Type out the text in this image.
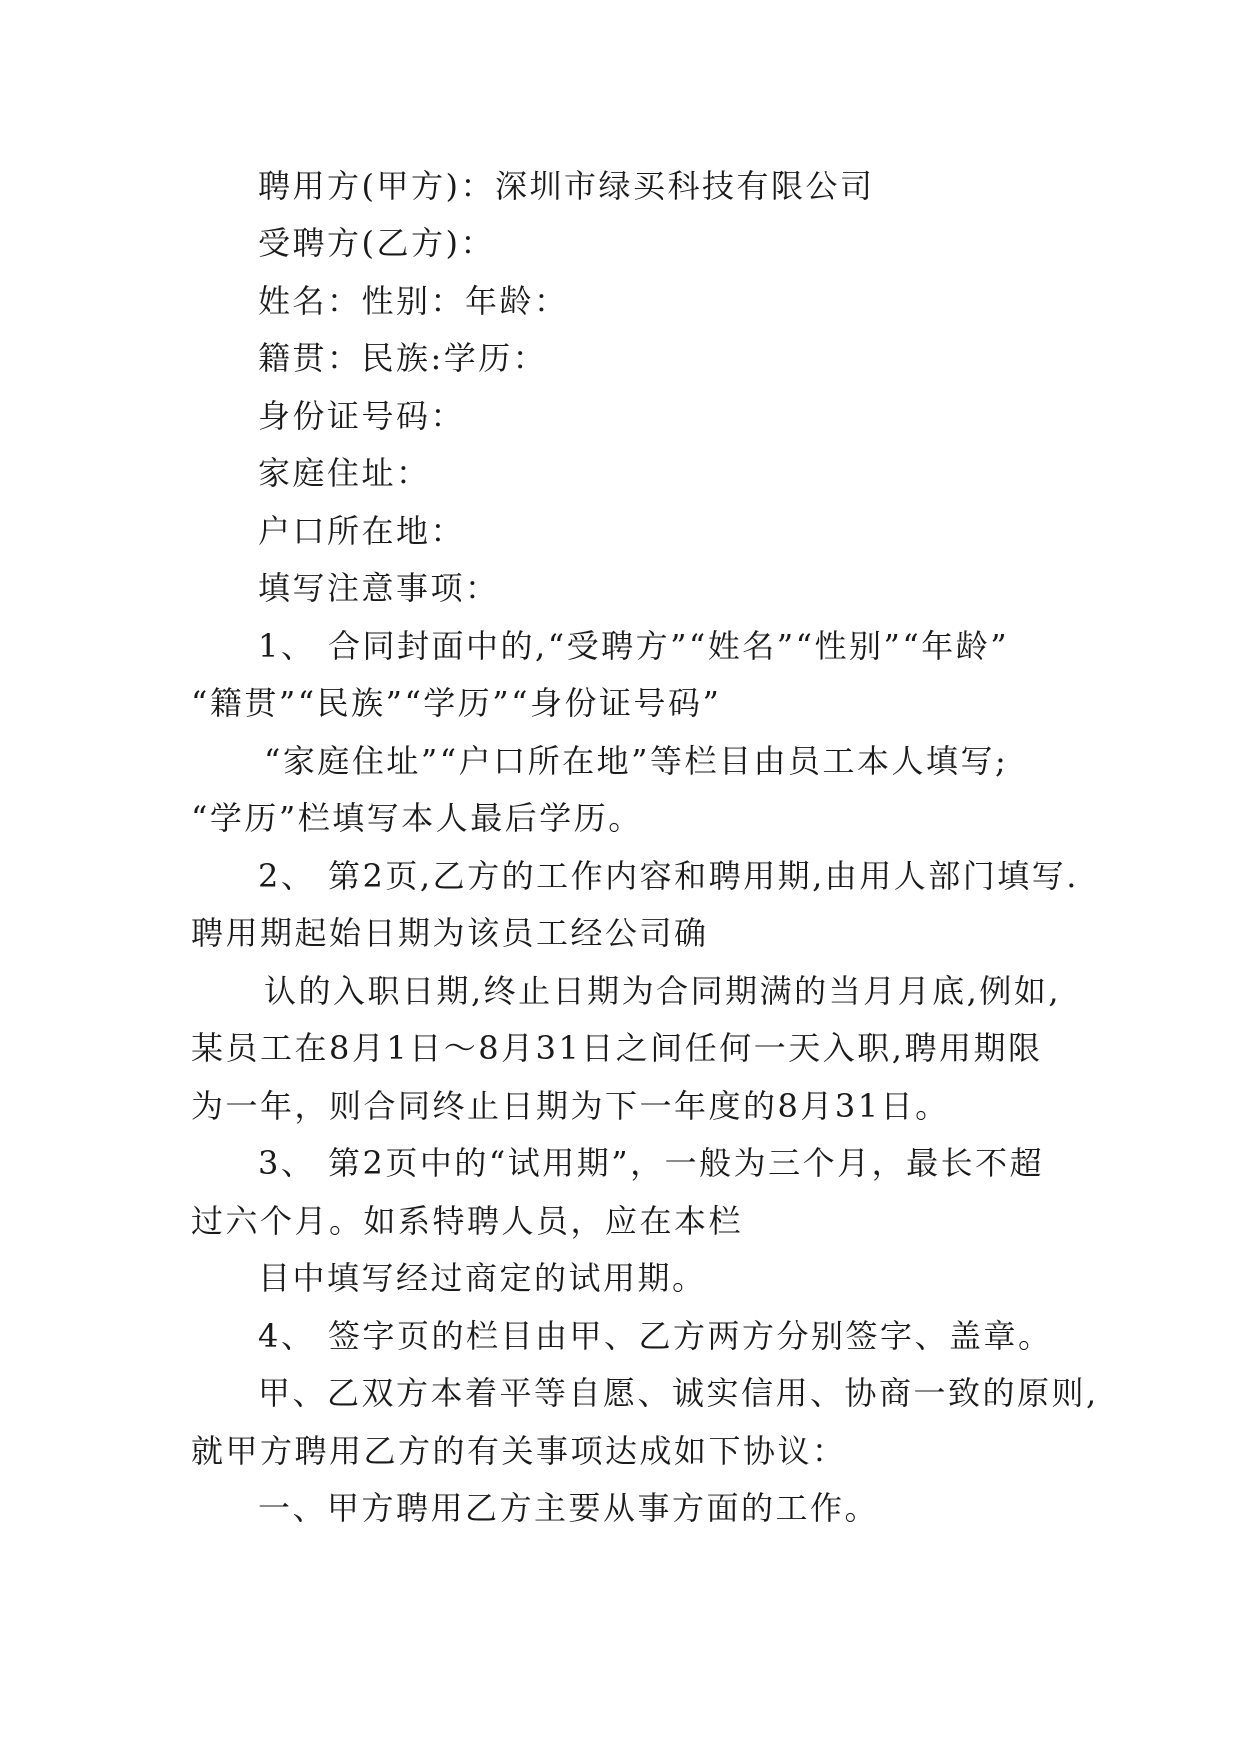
聘用方(甲方)：深圳市绿买科技有限公司
受聘方(乙方)：
姓名：性别：年龄：
籍贯：民族:学历：
身份证号码：
家庭住址：
户口所在地：
填写注意事项：
1、 合同封面中的,“受聘方”“姓名”“性别”“年龄”
“籍贯”“民族”“学历”“身份证号码”
“家庭住址”“户口所在地”等栏目由员工本人填写;
“学历”栏填写本人最后学历。
2、 第2页,乙方的工作内容和聘用期,由用人部门填写.
聘用期起始日期为该员工经公司确
认的入职日期,终止日期为合同期满的当月月底,例如,
某员工在8月1日～8月31日之间任何一天入职,聘用期限
为一年，则合同终止日期为下一年度的8月31日。
3、 第2页中的“试用期”，一般为三个月，最长不超
过六个月。如系特聘人员，应在本栏
目中填写经过商定的试用期。
4、 签字页的栏目由甲、乙方两方分别签字、盖章。
甲、乙双方本着平等自愿、诚实信用、协商一致的原则,
就甲方聘用乙方的有关事项达成如下协议：
一、甲方聘用乙方主要从事方面的工作。
